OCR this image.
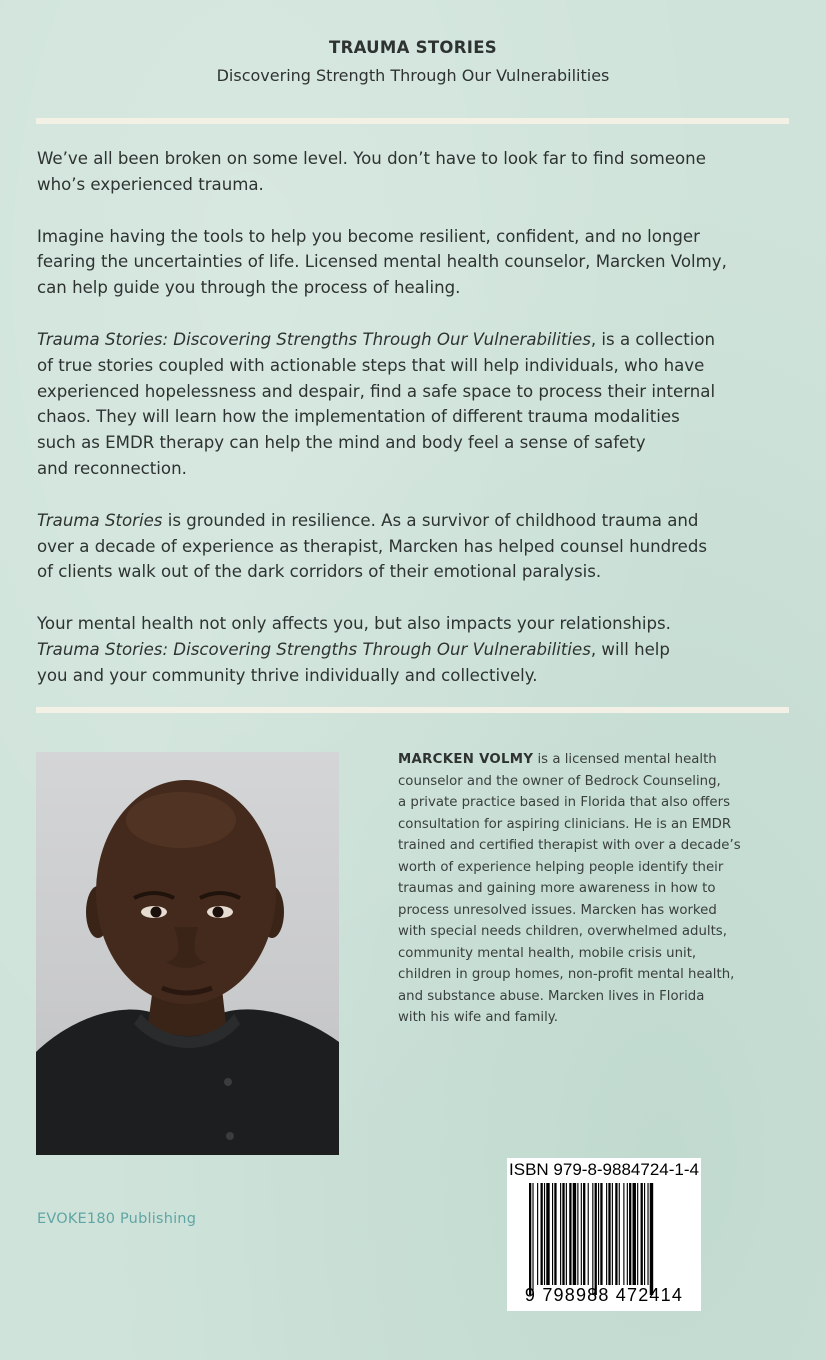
TRAUMA STORIES
Discovering Strength Through Our Vulnerabilities

We’ve all been broken on some level. You don’t have to look far to find someone
who’s experienced trauma.

Imagine having the tools to help you become resilient, confident, and no longer
fearing the uncertainties of life. Licensed mental health counselor, Marcken Volmy,
can help guide you through the process of healing.

Trauma Stories: Discovering Strengths Through Our Vulnerabilities, is a collection
of true stories coupled with actionable steps that will help individuals, who have
experienced hopelessness and despair, find a safe space to process their internal
chaos. They will learn how the implementation of different trauma modalities
such as EMDR therapy can help the mind and body feel a sense of safety
and reconnection.

Trauma Stories is grounded in resilience. As a survivor of childhood trauma and
over a decade of experience as therapist, Marcken has helped counsel hundreds
of clients walk out of the dark corridors of their emotional paralysis.

Your mental health not only affects you, but also impacts your relationships.
Trauma Stories: Discovering Strengths Through Our Vulnerabilities, will help
you and your community thrive individually and collectively.

MARCKEN VOLMY is a licensed mental health
counselor and the owner of Bedrock Counseling,
a private practice based in Florida that also offers
consultation for aspiring clinicians. He is an EMDR
trained and certified therapist with over a decade’s
worth of experience helping people identify their
traumas and gaining more awareness in how to
process unresolved issues. Marcken has worked
with special needs children, overwhelmed adults,
community mental health, mobile crisis unit,
children in group homes, non-profit mental health,
and substance abuse. Marcken lives in Florida
with his wife and family.
EVOKE180 Publishing
ISBN 979-8-9884724-1-4
9 798988 472414
